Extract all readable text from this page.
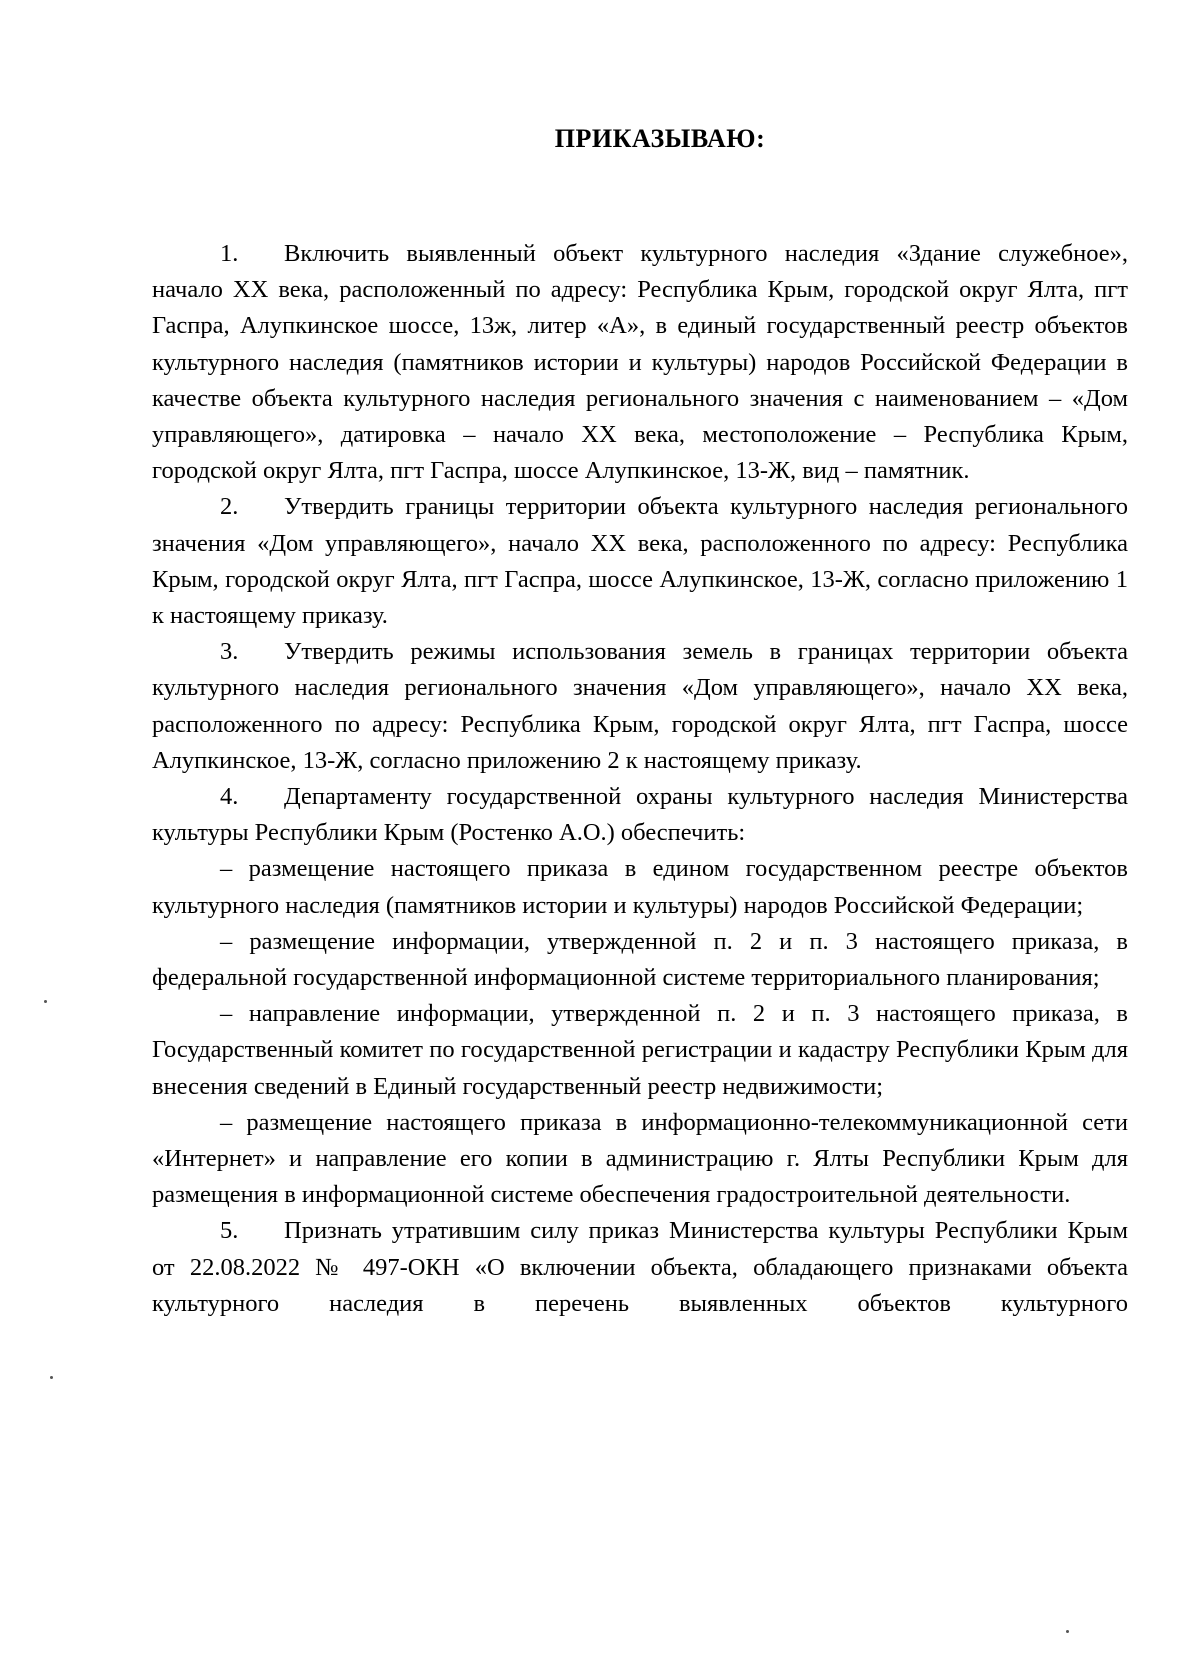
ПРИКАЗЫВАЮ:

1. Включить выявленный объект культурного наследия «Здание служебное», начало XX века, расположенный по адресу: Республика Крым, городской округ Ялта, пгт Гаспра, Алупкинское шоссе, 13ж, литер «А», в единый государственный реестр объектов культурного наследия (памятников истории и культуры) народов Российской Федерации в качестве объекта культурного наследия регионального значения с наименованием – «Дом управляющего», датировка – начало XX века, местоположение – Республика Крым, городской округ Ялта, пгт Гаспра, шоссе Алупкинское, 13-Ж, вид – памятник.

2. Утвердить границы территории объекта культурного наследия регионального значения «Дом управляющего», начало XX века, расположенного по адресу: Республика Крым, городской округ Ялта, пгт Гаспра, шоссе Алупкинское, 13-Ж, согласно приложению 1 к настоящему приказу.

3. Утвердить режимы использования земель в границах территории объекта культурного наследия регионального значения «Дом управляющего», начало XX века, расположенного по адресу: Республика Крым, городской округ Ялта, пгт Гаспра, шоссе Алупкинское, 13-Ж, согласно приложению 2 к настоящему приказу.

4. Департаменту государственной охраны культурного наследия Министерства культуры Республики Крым (Ростенко А.О.) обеспечить:

– размещение настоящего приказа в едином государственном реестре объектов культурного наследия (памятников истории и культуры) народов Российской Федерации;

– размещение информации, утвержденной п. 2 и п. 3 настоящего приказа, в федеральной государственной информационной системе территориального планирования;

– направление информации, утвержденной п. 2 и п. 3 настоящего приказа, в Государственный комитет по государственной регистрации и кадастру Республики Крым для внесения сведений в Единый государственный реестр недвижимости;

– размещение настоящего приказа в информационно-телекоммуникационной сети «Интернет» и направление его копии в администрацию г. Ялты Республики Крым для размещения в информационной системе обеспечения градостроительной деятельности.

5. Признать утратившим силу приказ Министерства культуры Республики Крым от 22.08.2022 № 497-ОКН «О включении объекта, обладающего признаками объекта культурного наследия в перечень выявленных объектов культурного
